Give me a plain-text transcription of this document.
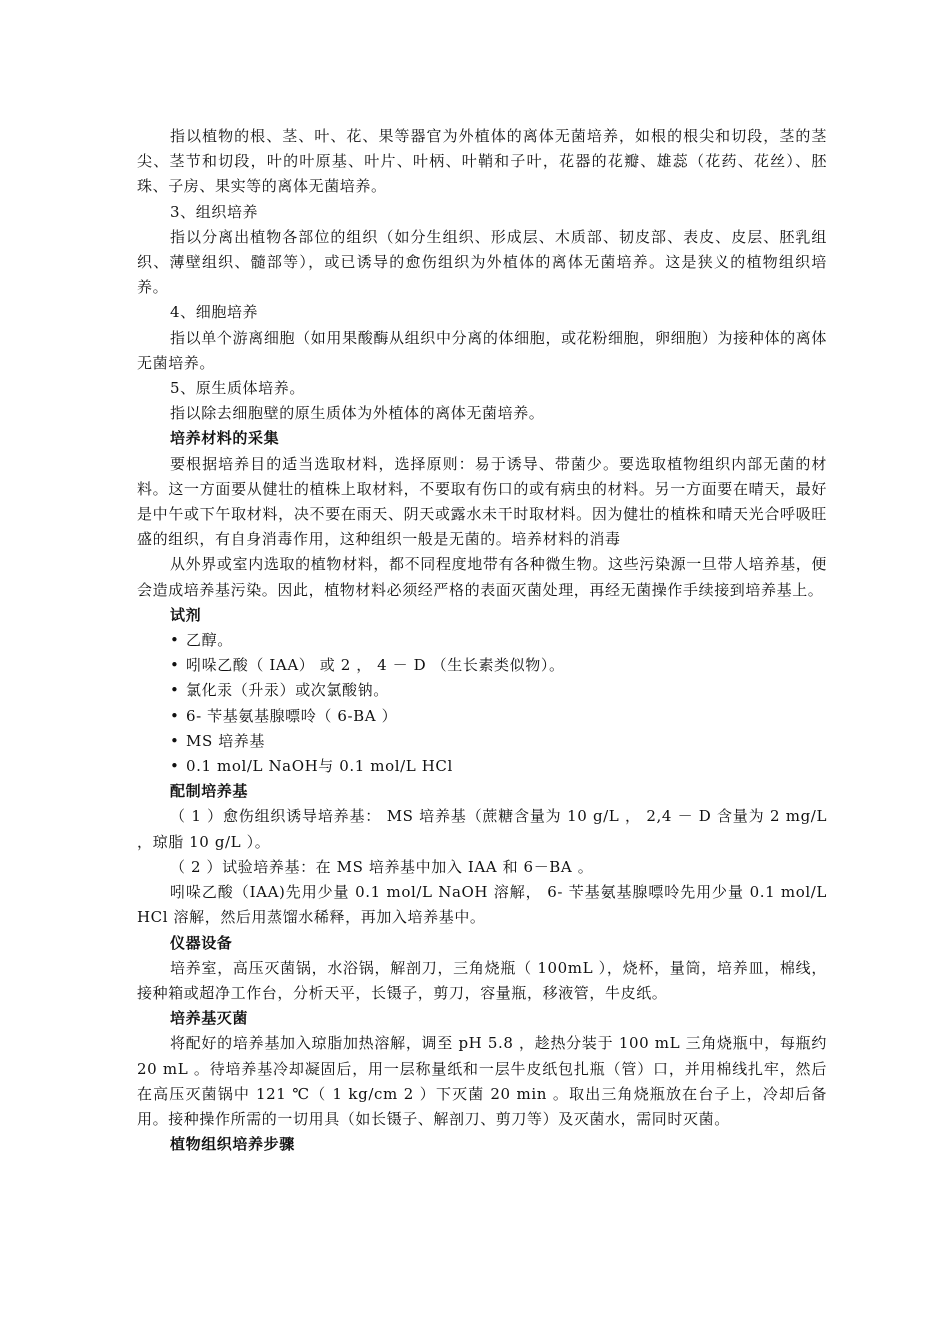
指以植物的根、茎、叶、花、果等器官为外植体的离体无菌培养，如根的根尖和切段，茎的茎尖、茎节和切段，叶的叶原基、叶片、叶柄、叶鞘和子叶，花器的花瓣、雄蕊（花药、花丝）、胚珠、子房、果实等的离体无菌培养。

3、组织培养

指以分离出植物各部位的组织（如分生组织、形成层、木质部、韧皮部、表皮、皮层、胚乳组织、薄壁组织、髓部等），或已诱导的愈伤组织为外植体的离体无菌培养。这是狭义的植物组织培养。

4、细胞培养

指以单个游离细胞（如用果酸酶从组织中分离的体细胞，或花粉细胞，卵细胞）为接种体的离体无菌培养。

5、原生质体培养。

指以除去细胞壁的原生质体为外植体的离体无菌培养。

培养材料的采集

要根据培养目的适当选取材料，选择原则：易于诱导、带菌少。要选取植物组织内部无菌的材料。这一方面要从健壮的植株上取材料，不要取有伤口的或有病虫的材料。另一方面要在晴天，最好是中午或下午取材料，决不要在雨天、阴天或露水未干时取材料。因为健壮的植株和晴天光合呼吸旺盛的组织，有自身消毒作用，这种组织一般是无菌的。培养材料的消毒

从外界或室内选取的植物材料，都不同程度地带有各种微生物。这些污染源一旦带人培养基，便会造成培养基污染。因此，植物材料必须经严格的表面灭菌处理，再经无菌操作手续接到培养基上。

试剂

• 乙醇。

• 吲哚乙酸（ IAA） 或 2 ， 4 － D （生长素类似物）。

• 氯化汞（升汞）或次氯酸钠。

• 6- 苄基氨基腺嘌呤（ 6-BA ）

• MS 培养基

• 0.1 mol/L NaOH与 0.1 mol/L HCl

配制培养基

（ 1 ）愈伤组织诱导培养基： MS 培养基（蔗糖含量为 10 g/L ， 2,4 － D 含量为 2 mg/L ，琼脂 10 g/L ）。

（ 2 ）试验培养基：在 MS 培养基中加入 IAA 和 6－BA 。

吲哚乙酸（IAA)先用少量 0.1 mol/L NaOH 溶解， 6- 苄基氨基腺嘌呤先用少量 0.1 mol/L HCl 溶解，然后用蒸馏水稀释，再加入培养基中。

仪器设备

培养室，高压灭菌锅，水浴锅，解剖刀，三角烧瓶（ 100mL ），烧杯，量筒，培养皿，棉线，接种箱或超净工作台，分析天平，长镊子，剪刀，容量瓶，移液管，牛皮纸。

培养基灭菌

将配好的培养基加入琼脂加热溶解，调至 pH 5.8 ，趁热分装于 100 mL 三角烧瓶中，每瓶约 20 mL 。待培养基冷却凝固后，用一层称量纸和一层牛皮纸包扎瓶（管）口，并用棉线扎牢，然后在高压灭菌锅中 121 ℃（ 1 kg/cm 2 ）下灭菌 20 min 。取出三角烧瓶放在台子上，冷却后备用。接种操作所需的一切用具（如长镊子、解剖刀、剪刀等）及灭菌水，需同时灭菌。

植物组织培养步骤
